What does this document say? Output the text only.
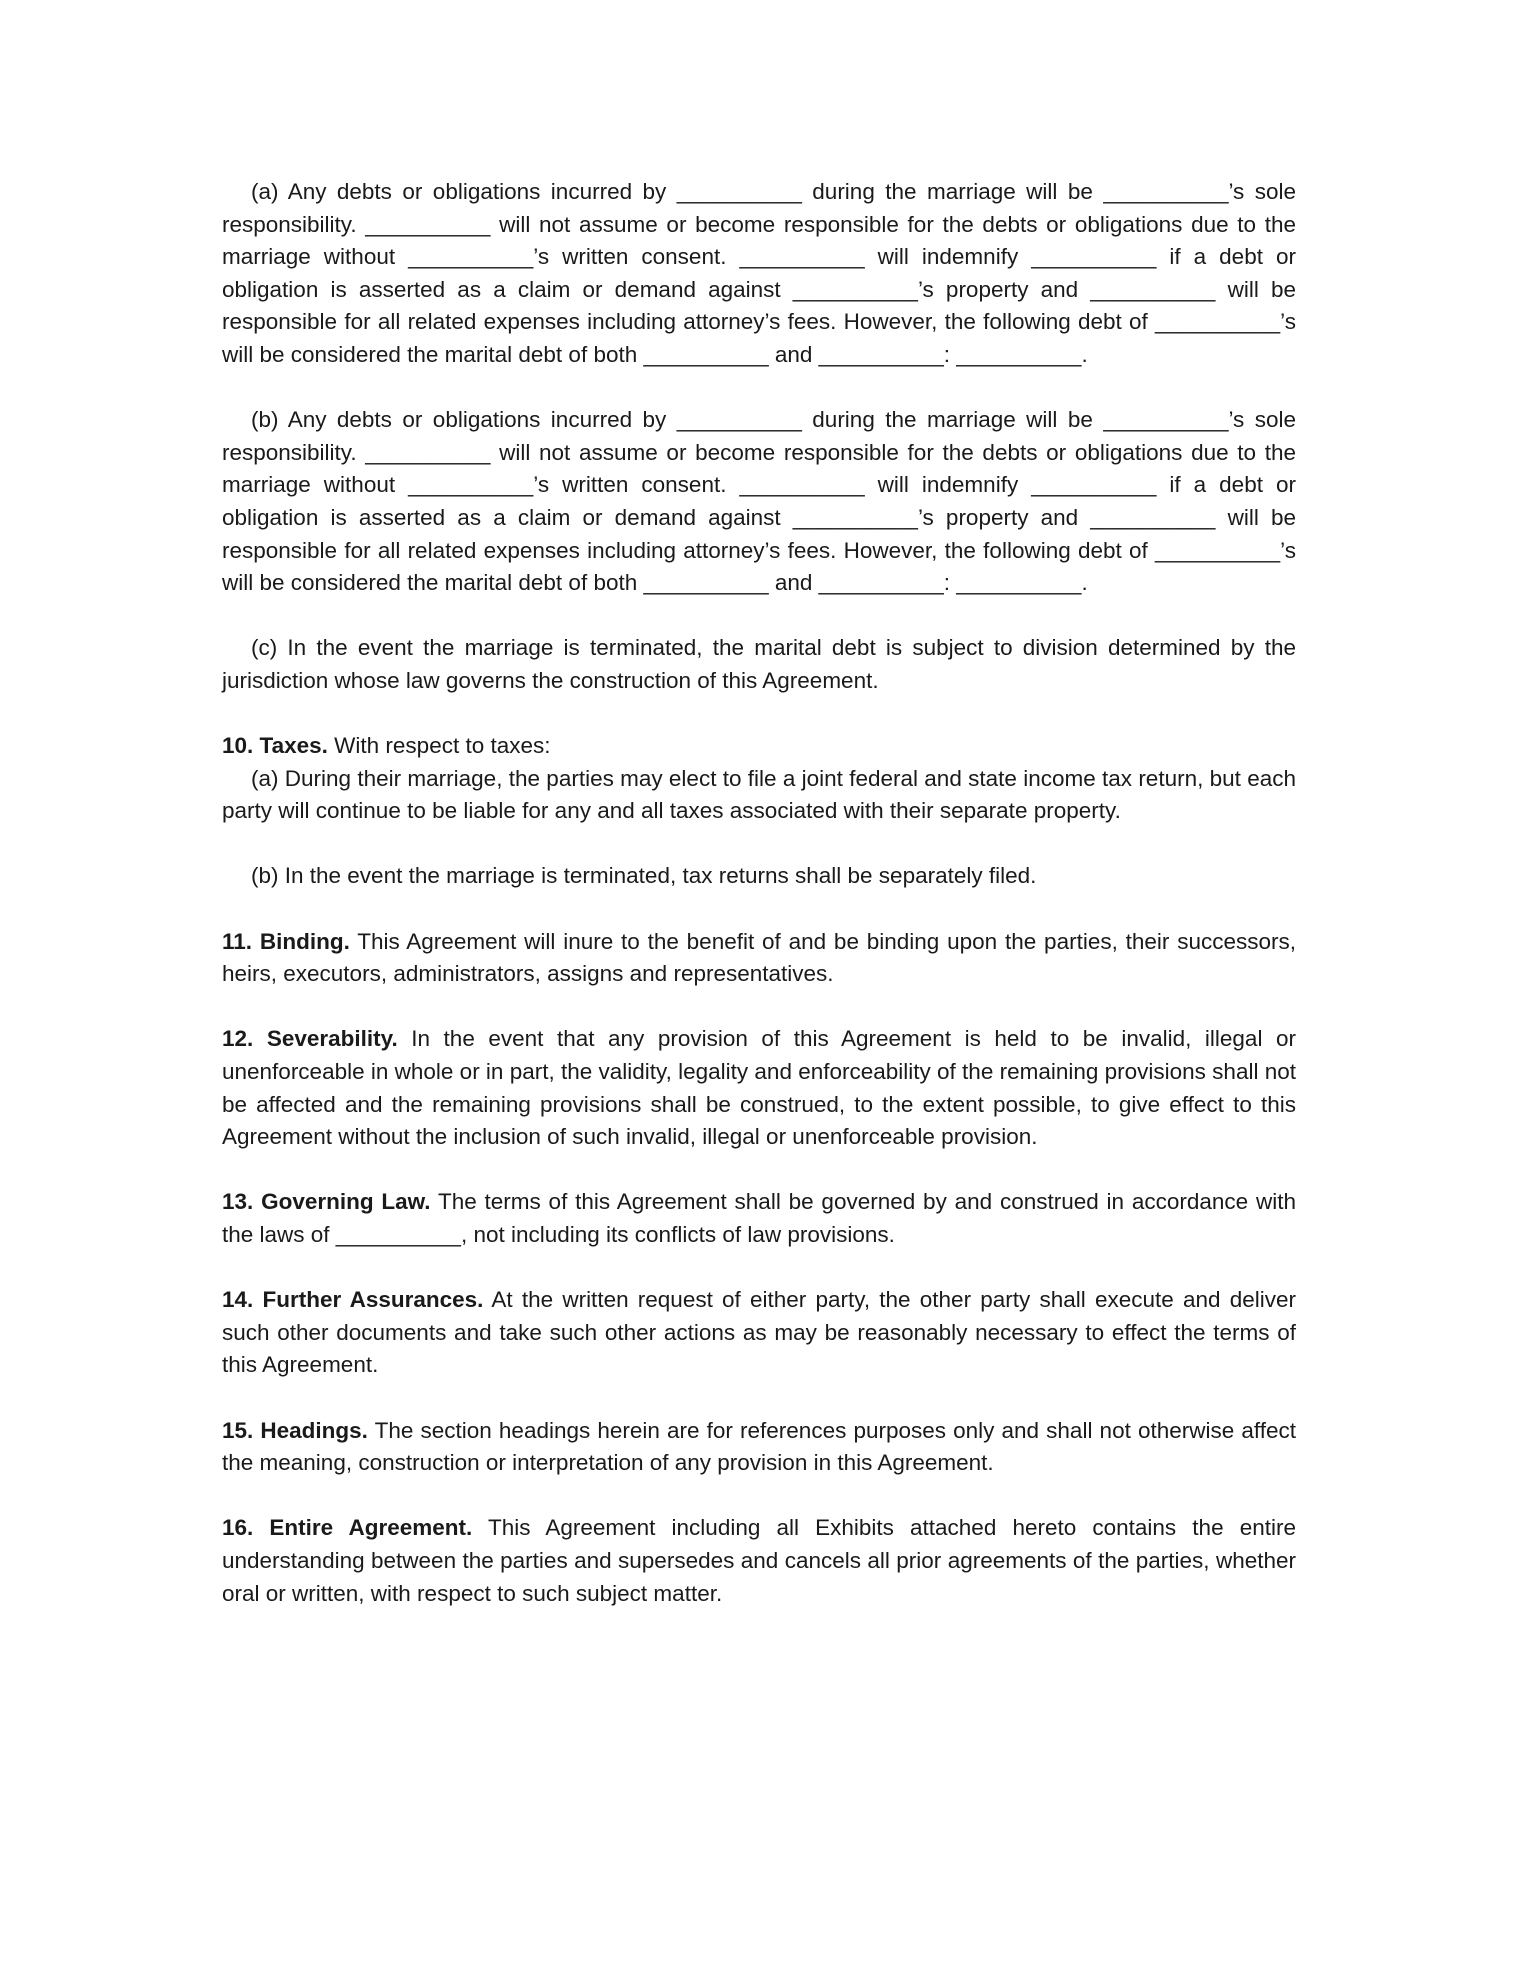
(a) Any debts or obligations incurred by __________ during the marriage will be __________’s sole responsibility. __________ will not assume or become responsible for the debts or obligations due to the marriage without __________’s written consent. __________ will indemnify __________ if a debt or obligation is asserted as a claim or demand against __________’s property and __________ will be responsible for all related expenses including attorney’s fees. However, the following debt of __________’s will be considered the marital debt of both __________ and __________: __________.

(b) Any debts or obligations incurred by __________ during the marriage will be __________’s sole responsibility. __________ will not assume or become responsible for the debts or obligations due to the marriage without __________’s written consent. __________ will indemnify __________ if a debt or obligation is asserted as a claim or demand against __________’s property and __________ will be responsible for all related expenses including attorney’s fees. However, the following debt of __________’s will be considered the marital debt of both __________ and __________: __________.

(c) In the event the marriage is terminated, the marital debt is subject to division determined by the jurisdiction whose law governs the construction of this Agreement.

10. Taxes. With respect to taxes:

(a) During their marriage, the parties may elect to file a joint federal and state income tax return, but each party will continue to be liable for any and all taxes associated with their separate property.

(b) In the event the marriage is terminated, tax returns shall be separately filed.

11. Binding. This Agreement will inure to the benefit of and be binding upon the parties, their successors, heirs, executors, administrators, assigns and representatives.

12. Severability. In the event that any provision of this Agreement is held to be invalid, illegal or unenforceable in whole or in part, the validity, legality and enforceability of the remaining provisions shall not be affected and the remaining provisions shall be construed, to the extent possible, to give effect to this Agreement without the inclusion of such invalid, illegal or unenforceable provision.

13. Governing Law. The terms of this Agreement shall be governed by and construed in accordance with the laws of __________, not including its conflicts of law provisions.

14. Further Assurances. At the written request of either party, the other party shall execute and deliver such other documents and take such other actions as may be reasonably necessary to effect the terms of this Agreement.

15. Headings. The section headings herein are for references purposes only and shall not otherwise affect the meaning, construction or interpretation of any provision in this Agreement.

16. Entire Agreement. This Agreement including all Exhibits attached hereto contains the entire understanding between the parties and supersedes and cancels all prior agreements of the parties, whether oral or written, with respect to such subject matter.
